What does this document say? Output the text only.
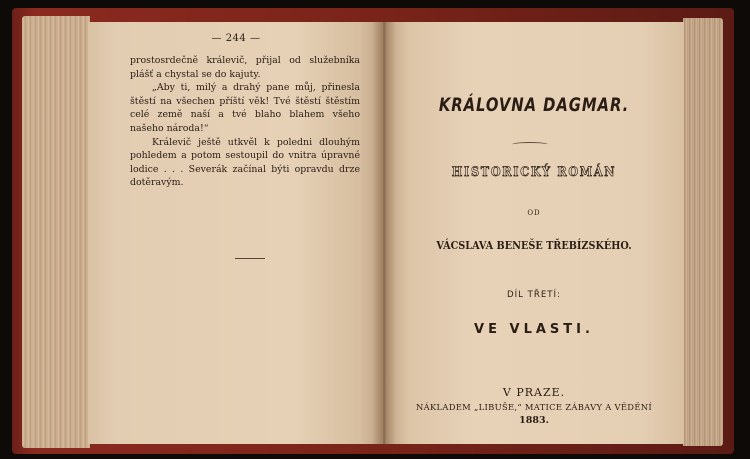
— 244 —

prostosrdečně králevič, přijal od služebníka plášť a chystal se do kajuty.

„Aby ti, milý a drahý pane můj, přinesla štěstí na všechen příští věk! Tvé štěstí štěstím celé země naší a tvé blaho blahem všeho našeho národa!“

Králevič ještě utkvěl k poledni dlouhým pohledem a potom sestoupil do vnitra úpravné lodice . . . Severák začínal býti opravdu drze dotěravým.

KRÁLOVNA DAGMAR.
HISTORICKÝ ROMÁN
OD
VÁCSLAVA BENEŠE TŘEBÍZSKÉHO.
DÍL TŘETÍ:
VE VLASTI.
V PRAZE.
NÁKLADEM „LIBUŠE,“ MATICE ZÁBAVY A VĚDĚNÍ
1883.
